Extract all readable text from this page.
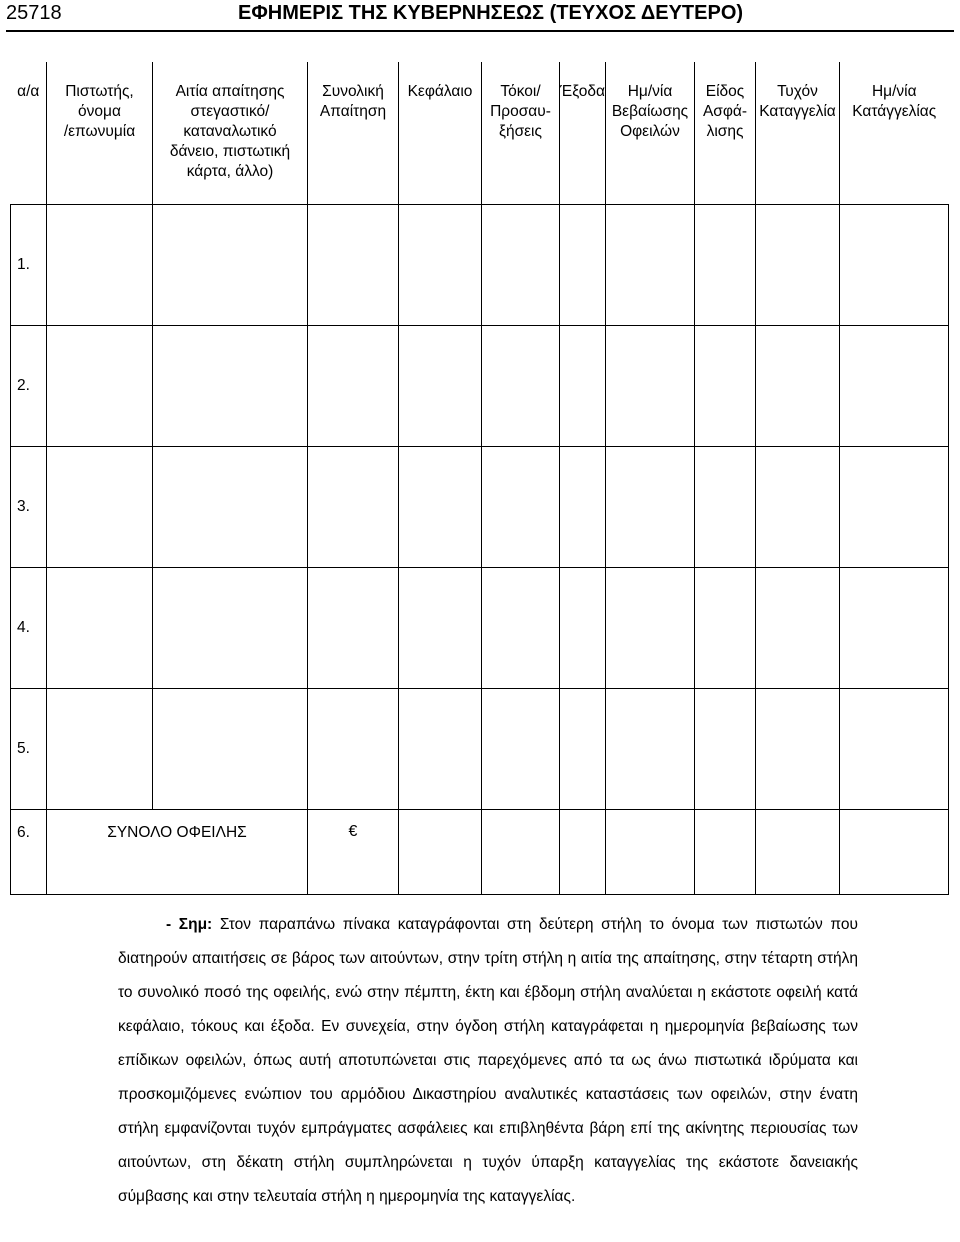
25718	ΕΦΗΜΕΡΙΣ ΤΗΣ ΚΥΒΕΡΝΗΣΕΩΣ (ΤΕΥΧΟΣ ΔΕΥΤΕΡΟ)
α/α	Πιστωτής,
όνομα
/επωνυμία	Αιτία απαίτησης
στεγαστικό/
καταναλωτικό
δάνειο, πιστωτική
κάρτα, άλλο)	Συνολική
Απαίτηση	Κεφάλαιο	Τόκοι/
Προσαυ-
ξήσεις	Έξοδα	Ημ/νία
Βεβαίωσης
Οφειλών	Είδος
Ασφά-
λισης	Τυχόν
Καταγγελία	Ημ/νία
Κατάγγελίας
1.										
2.										
3.										
4.										
5.										
6.	ΣΥΝΟΛΟ ΟΦΕΙΛΗΣ		€							
- Σημ: Στον παραπάνω πίνακα καταγράφονται στη δεύτερη στήλη το όνομα των πιστωτών που διατηρούν απαιτήσεις σε βάρος των αιτούντων, στην τρίτη στήλη η αιτία της απαίτησης, στην τέταρτη στήλη το συνολικό ποσό της οφειλής, ενώ στην πέμπτη, έκτη και έβδομη στήλη αναλύεται η εκάστοτε οφειλή κατά κεφάλαιο, τόκους και έξοδα. Εν συνεχεία, στην όγδοη στήλη καταγράφεται η ημερομηνία βεβαίωσης των επίδικων οφειλών, όπως αυτή αποτυπώνεται στις παρεχόμενες από τα ως άνω πιστωτικά ιδρύματα και προσκομιζόμενες ενώπιον του αρμόδιου Δικαστηρίου αναλυτικές καταστάσεις των οφειλών, στην ένατη στήλη εμφανίζονται τυχόν εμπράγματες ασφάλειες και επιβληθέντα βάρη επί της ακίνητης περιουσίας των αιτούντων, στη δέκατη στήλη συμπληρώνεται η τυχόν ύπαρξη καταγγελίας της εκάστοτε δανειακής σύμβασης και στην τελευταία στήλη η ημερομηνία της καταγγελίας.
